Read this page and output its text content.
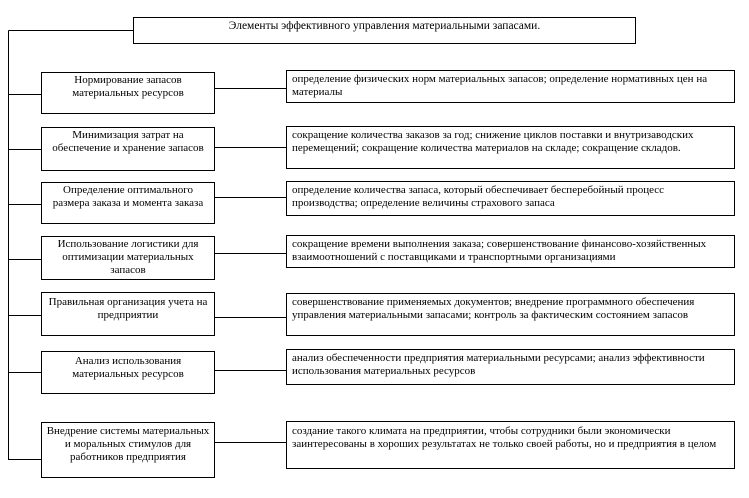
Элементы эффективного управления материальными запасами.
Нормирование запасов материальных ресурсов
определение физических норм материальных запасов; определение нормативных цен на материалы
Минимизация затрат на обеспечение и хранение запасов
сокращение количества заказов за год; снижение циклов поставки и внутризаводских перемещений; сокращение количества материалов на складе; сокращение складов.
Определение оптимального размера заказа и момента заказа
определение количества запаса, который обеспечивает бесперебойный процесс производства; определение величины страхового запаса
Использование логистики для оптимизации материальных запасов
сокращение времени выполнения заказа; совершенствование финансово-хозяйственных взаимоотношений с поставщиками и транспортными организациями
Правильная организация учета на предприятии
совершенствование применяемых документов; внедрение программного обеспечения управления материальными запасами; контроль за фактическим состоянием запасов
Анализ использования материальных ресурсов
анализ обеспеченности предприятия материальными ресурсами; анализ эффективности использования материальных ресурсов
Внедрение системы материальных и моральных стимулов для работников предприятия
создание такого климата на предприятии, чтобы сотрудники были экономически заинтересованы в хороших результатах не только своей работы, но и предприятия в целом
